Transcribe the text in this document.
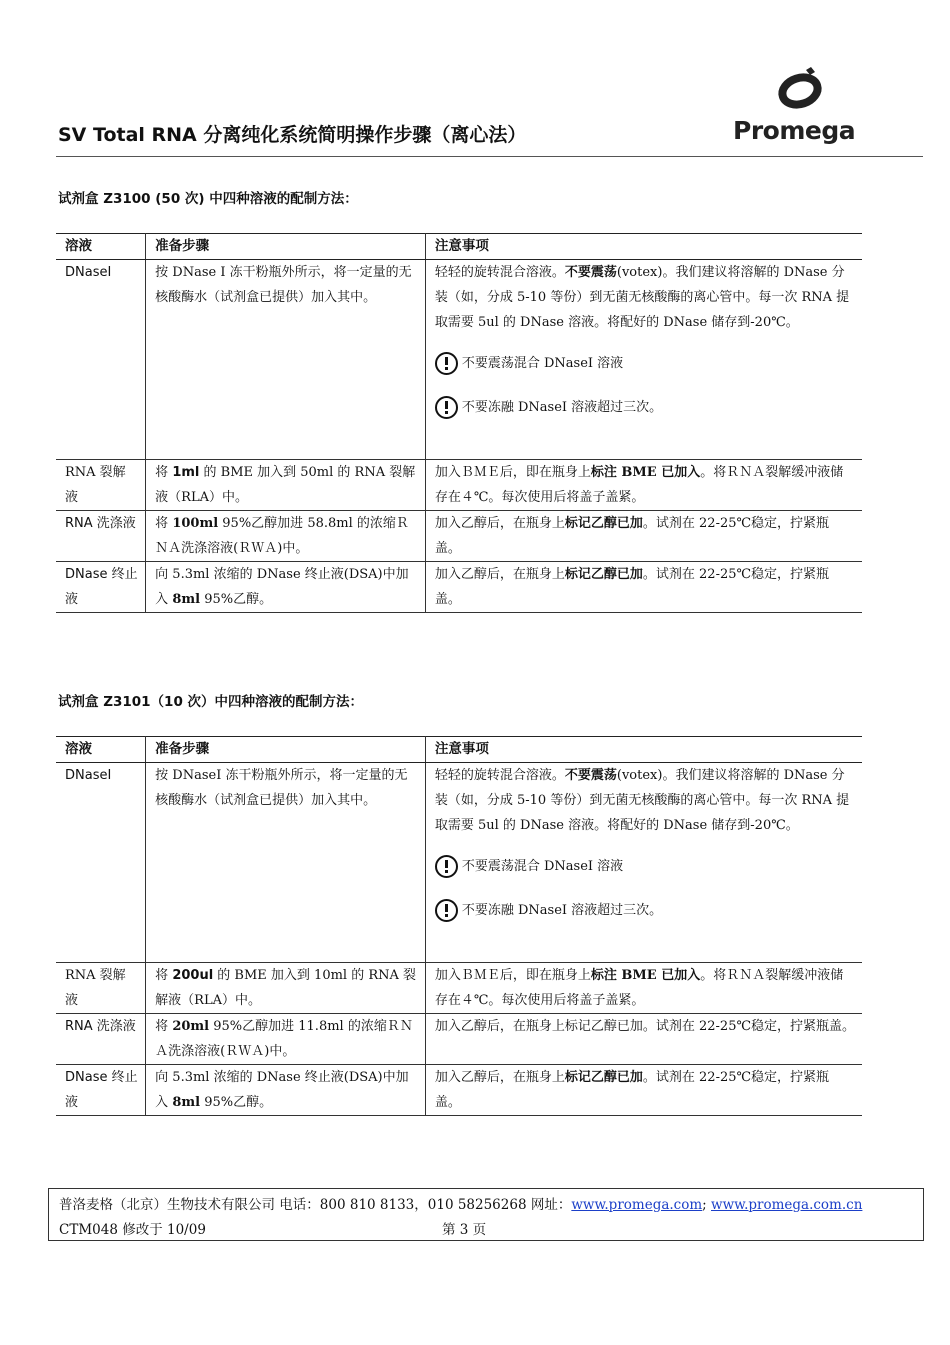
SV Total RNA 分离纯化系统简明操作步骤（离心法）	Promega
试剂盒 Z3100 (50 次) 中四种溶液的配制方法：
溶液	准备步骤	注意事项
DNaseI	按 DNase I 冻干粉瓶外所示，将一定量的无核酸酶水（试剂盒已提供）加入其中。	轻轻的旋转混合溶液。不要震荡(votex)。我们建议将溶解的 DNase 分装（如，分成 5-10 等份）到无菌无核酸酶的离心管中。每一次 RNA 提取需要 5ul 的 DNase 溶液。将配好的 DNase 储存到-20℃。
不要震荡混合 DNaseI 溶液
不要冻融 DNaseI 溶液超过三次。

RNA 裂解液	将 1ml 的 BME 加入到 50ml 的 RNA 裂解液（RLA）中。	加入ＢＭＥ后，即在瓶身上标注 BME 已加入。将ＲＮＡ裂解缓冲液储存在４℃。每次使用后将盖子盖紧。
RNA 洗涤液	将 100ml 95%乙醇加进 58.8ml 的浓缩ＲＮＡ洗涤溶液(ＲＷＡ)中。	加入乙醇后，在瓶身上标记乙醇已加。试剂在 22-25℃稳定，拧紧瓶盖。
DNase 终止液	向 5.3ml 浓缩的 DNase 终止液(DSA)中加入 8ml 95%乙醇。	加入乙醇后，在瓶身上标记乙醇已加。试剂在 22-25℃稳定，拧紧瓶盖。
试剂盒 Z3101（10 次）中四种溶液的配制方法：
溶液	准备步骤	注意事项
DNaseI	按 DNaseI 冻干粉瓶外所示，将一定量的无核酸酶水（试剂盒已提供）加入其中。	轻轻的旋转混合溶液。不要震荡(votex)。我们建议将溶解的 DNase 分装（如，分成 5-10 等份）到无菌无核酸酶的离心管中。每一次 RNA 提取需要 5ul 的 DNase 溶液。将配好的 DNase 储存到-20℃。
不要震荡混合 DNaseI 溶液
不要冻融 DNaseI 溶液超过三次。

RNA 裂解液	将 200ul 的 BME 加入到 10ml 的 RNA 裂解液（RLA）中。	加入ＢＭＥ后，即在瓶身上标注 BME 已加入。将ＲＮＡ裂解缓冲液储存在４℃。每次使用后将盖子盖紧。
RNA 洗涤液	将 20ml 95%乙醇加进 11.8ml 的浓缩ＲＮＡ洗涤溶液(ＲＷＡ)中。	加入乙醇后，在瓶身上标记乙醇已加。试剂在 22-25℃稳定，拧紧瓶盖。
DNase 终止液	向 5.3ml 浓缩的 DNase 终止液(DSA)中加入 8ml 95%乙醇。	加入乙醇后，在瓶身上标记乙醇已加。试剂在 22-25℃稳定，拧紧瓶盖。
普洛麦格（北京）生物技术有限公司 电话：800 810 8133，010 58256268 网址：www.promega.com; www.promega.com.cn
CTM048 修改于 10/09	第 3 页
